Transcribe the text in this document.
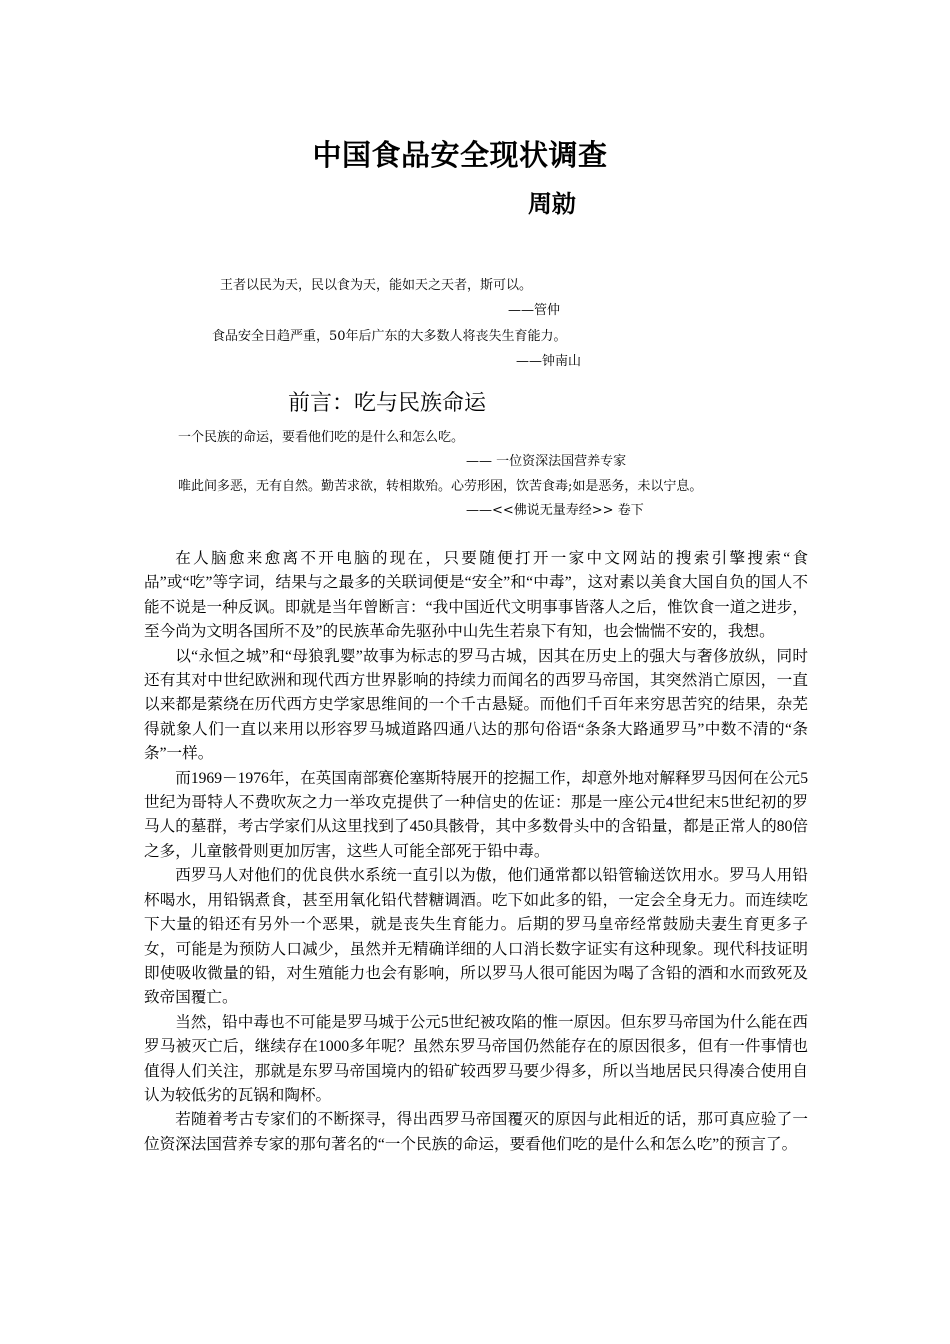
中国食品安全现状调查
周勍
王者以民为天，民以食为天，能如天之天者，斯可以。
——管仲
食品安全日趋严重，50年后广东的大多数人将丧失生育能力。
——钟南山
前言：吃与民族命运
一个民族的命运，要看他们吃的是什么和怎么吃。
—— 一位资深法国营养专家
唯此间多恶，无有自然。勤苦求欲，转相欺殆。心劳形困，饮苦食毒;如是恶务，未以宁息。
——<<佛说无量寿经>> 卷下

在人脑愈来愈离不开电脑的现在，只要随便打开一家中文网站的搜索引擎搜索“食品”或“吃”等字词，结果与之最多的关联词便是“安全”和“中毒”，这对素以美食大国自负的国人不能不说是一种反讽。即就是当年曾断言：“我中国近代文明事事皆落人之后，惟饮食一道之进步，至今尚为文明各国所不及”的民族革命先驱孙中山先生若泉下有知，也会惴惴不安的，我想。

以“永恒之城”和“母狼乳婴”故事为标志的罗马古城，因其在历史上的强大与奢侈放纵，同时还有其对中世纪欧洲和现代西方世界影响的持续力而闻名的西罗马帝国，其突然消亡原因，一直以来都是萦绕在历代西方史学家思维间的一个千古悬疑。而他们千百年来穷思苦究的结果，杂芜得就象人们一直以来用以形容罗马城道路四通八达的那句俗语“条条大路通罗马”中数不清的“条条”一样。

而1969－1976年，在英国南部赛伦塞斯特展开的挖掘工作，却意外地对解释罗马因何在公元5世纪为哥特人不费吹灰之力一举攻克提供了一种信史的佐证：那是一座公元4世纪末5世纪初的罗马人的墓群，考古学家们从这里找到了450具骸骨，其中多数骨头中的含铅量，都是正常人的80倍之多，儿童骸骨则更加厉害，这些人可能全部死于铅中毒。

西罗马人对他们的优良供水系统一直引以为傲，他们通常都以铅管输送饮用水。罗马人用铅杯喝水，用铅锅煮食，甚至用氧化铅代替糖调酒。吃下如此多的铅，一定会全身无力。而连续吃下大量的铅还有另外一个恶果，就是丧失生育能力。后期的罗马皇帝经常鼓励夫妻生育更多子女，可能是为预防人口减少，虽然并无精确详细的人口消长数字证实有这种现象。现代科技证明即使吸收微量的铅，对生殖能力也会有影响，所以罗马人很可能因为喝了含铅的酒和水而致死及致帝国覆亡。

当然，铅中毒也不可能是罗马城于公元5世纪被攻陷的惟一原因。但东罗马帝国为什么能在西罗马被灭亡后，继续存在1000多年呢？虽然东罗马帝国仍然能存在的原因很多，但有一件事情也值得人们关注，那就是东罗马帝国境内的铅矿较西罗马要少得多，所以当地居民只得凑合使用自认为较低劣的瓦锅和陶杯。

若随着考古专家们的不断探寻，得出西罗马帝国覆灭的原因与此相近的话，那可真应验了一位资深法国营养专家的那句著名的“一个民族的命运，要看他们吃的是什么和怎么吃”的预言了。
